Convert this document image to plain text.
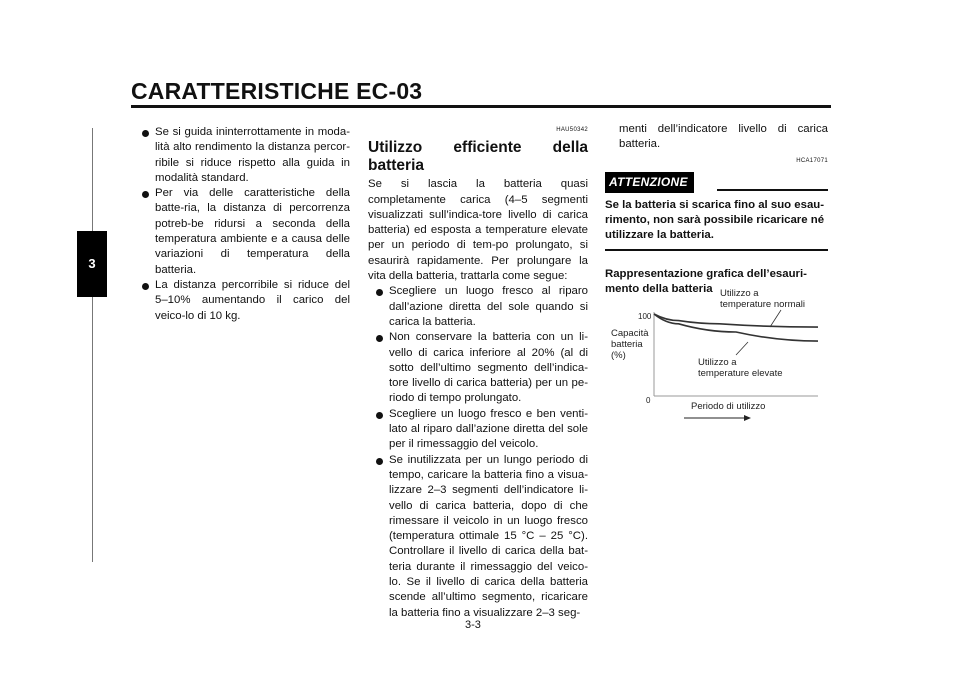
CARATTERISTICHE EC-03
3

Se si guida ininterrottamente in moda-lità alto rendimento la distanza percor-ribile si riduce rispetto alla guida in modalità standard.

Per via delle caratteristiche della batte-ria, la distanza di percorrenza potreb-be ridursi a seconda della temperatura ambiente e a causa delle variazioni di temperatura della batteria.

La distanza percorribile si riduce del 5–10% aumentando il carico del veico-lo di 10 kg.

HAU50342
Utilizzo efficiente della batteria

Se si lascia la batteria quasi completamente carica (4–5 segmenti visualizzati sull’indica-tore livello di carica batteria) ed esposta a temperature elevate per un periodo di tem-po prolungato, si esaurirà rapidamente. Per prolungare la vita della batteria, trattarla come segue:

Scegliere un luogo fresco al riparo dall’azione diretta del sole quando si carica la batteria.

Non conservare la batteria con un li-vello di carica inferiore al 20% (al di sotto dell’ultimo segmento dell’indica-tore livello di carica batteria) per un pe-riodo di tempo prolungato.

Scegliere un luogo fresco e ben venti-lato al riparo dall’azione diretta del sole per il rimessaggio del veicolo.

Se inutilizzata per un lungo periodo di tempo, caricare la batteria fino a visua-lizzare 2–3 segmenti dell’indicatore li-vello di carica batteria, dopo di che rimessare il veicolo in un luogo fresco (temperatura ottimale 15 °C – 25 °C). Controllare il livello di carica della bat-teria durante il rimessaggio del veico-lo. Se il livello di carica della batteria scende all’ultimo segmento, ricaricare la batteria fino a visualizzare 2–3 seg-

menti dell’indicatore livello di carica batteria.

HCA17071
ATTENZIONE
Se la batteria si scarica fino al suo esau-rimento, non sarà possibile ricaricare né utilizzare la batteria.
Rappresentazione grafica dell’esauri-mento della batteria
Capacità
batteria
(%)
100
0
Utilizzo a
temperature normali
Utilizzo a
temperature elevate
Periodo di utilizzo
3-3
